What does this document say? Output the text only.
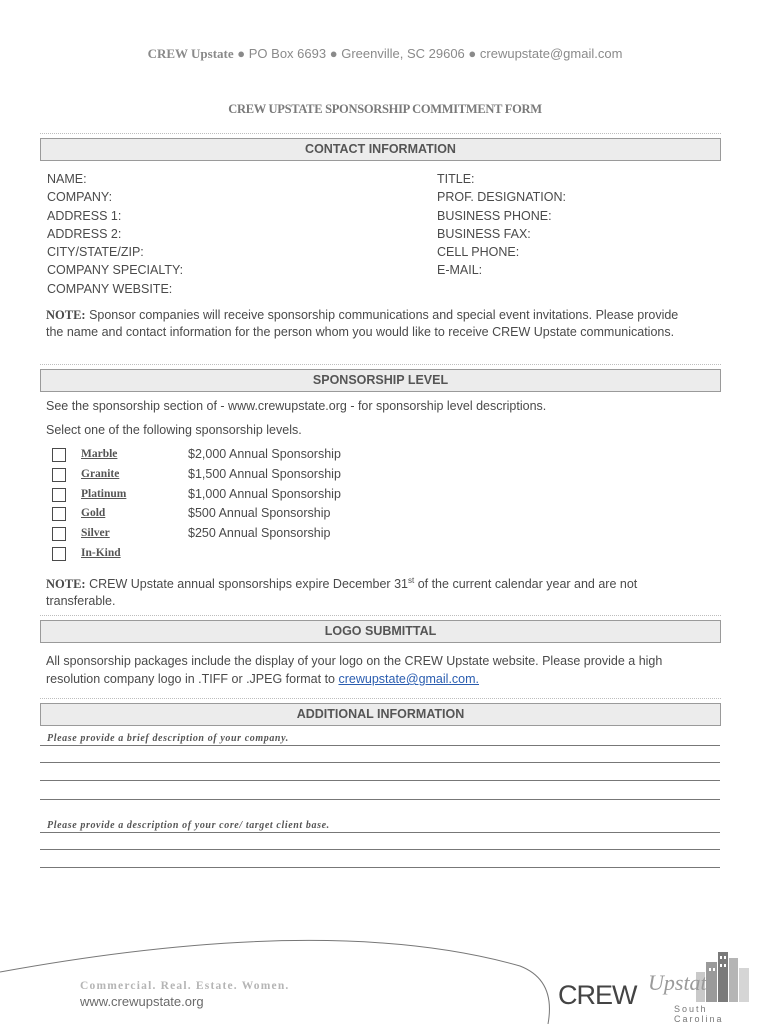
CREW Upstate ● PO Box 6693 ● Greenville, SC 29606 ● crewupstate@gmail.com
CREW UPSTATE SPONSORSHIP COMMITMENT FORM
CONTACT INFORMATION
NAME:
COMPANY:
ADDRESS 1:
ADDRESS 2:
CITY/STATE/ZIP:
COMPANY SPECIALTY:
COMPANY WEBSITE:
TITLE:
PROF. DESIGNATION:
BUSINESS PHONE:
BUSINESS FAX:
CELL PHONE:
E-MAIL:
NOTE: Sponsor companies will receive sponsorship communications and special event invitations. Please provide the name and contact information for the person whom you would like to receive CREW Upstate communications.
SPONSORSHIP LEVEL
See the sponsorship section of - www.crewupstate.org - for sponsorship level descriptions.
Select one of the following sponsorship levels.
Marble	$2,000 Annual Sponsorship
Granite	$1,500 Annual Sponsorship
Platinum	$1,000 Annual Sponsorship
Gold	$500 Annual Sponsorship
Silver	$250 Annual Sponsorship
In-Kind
NOTE: CREW Upstate annual sponsorships expire December 31st of the current calendar year and are not transferable.
LOGO SUBMITTAL
All sponsorship packages include the display of your logo on the CREW Upstate website. Please provide a high resolution company logo in .TIFF or .JPEG format to crewupstate@gmail.com.
ADDITIONAL INFORMATION
Please provide a brief description of your company.
Please provide a description of your core/ target client base.
Commercial. Real. Estate. Women.
www.crewupstate.org	CREW Upstate
South Carolina
